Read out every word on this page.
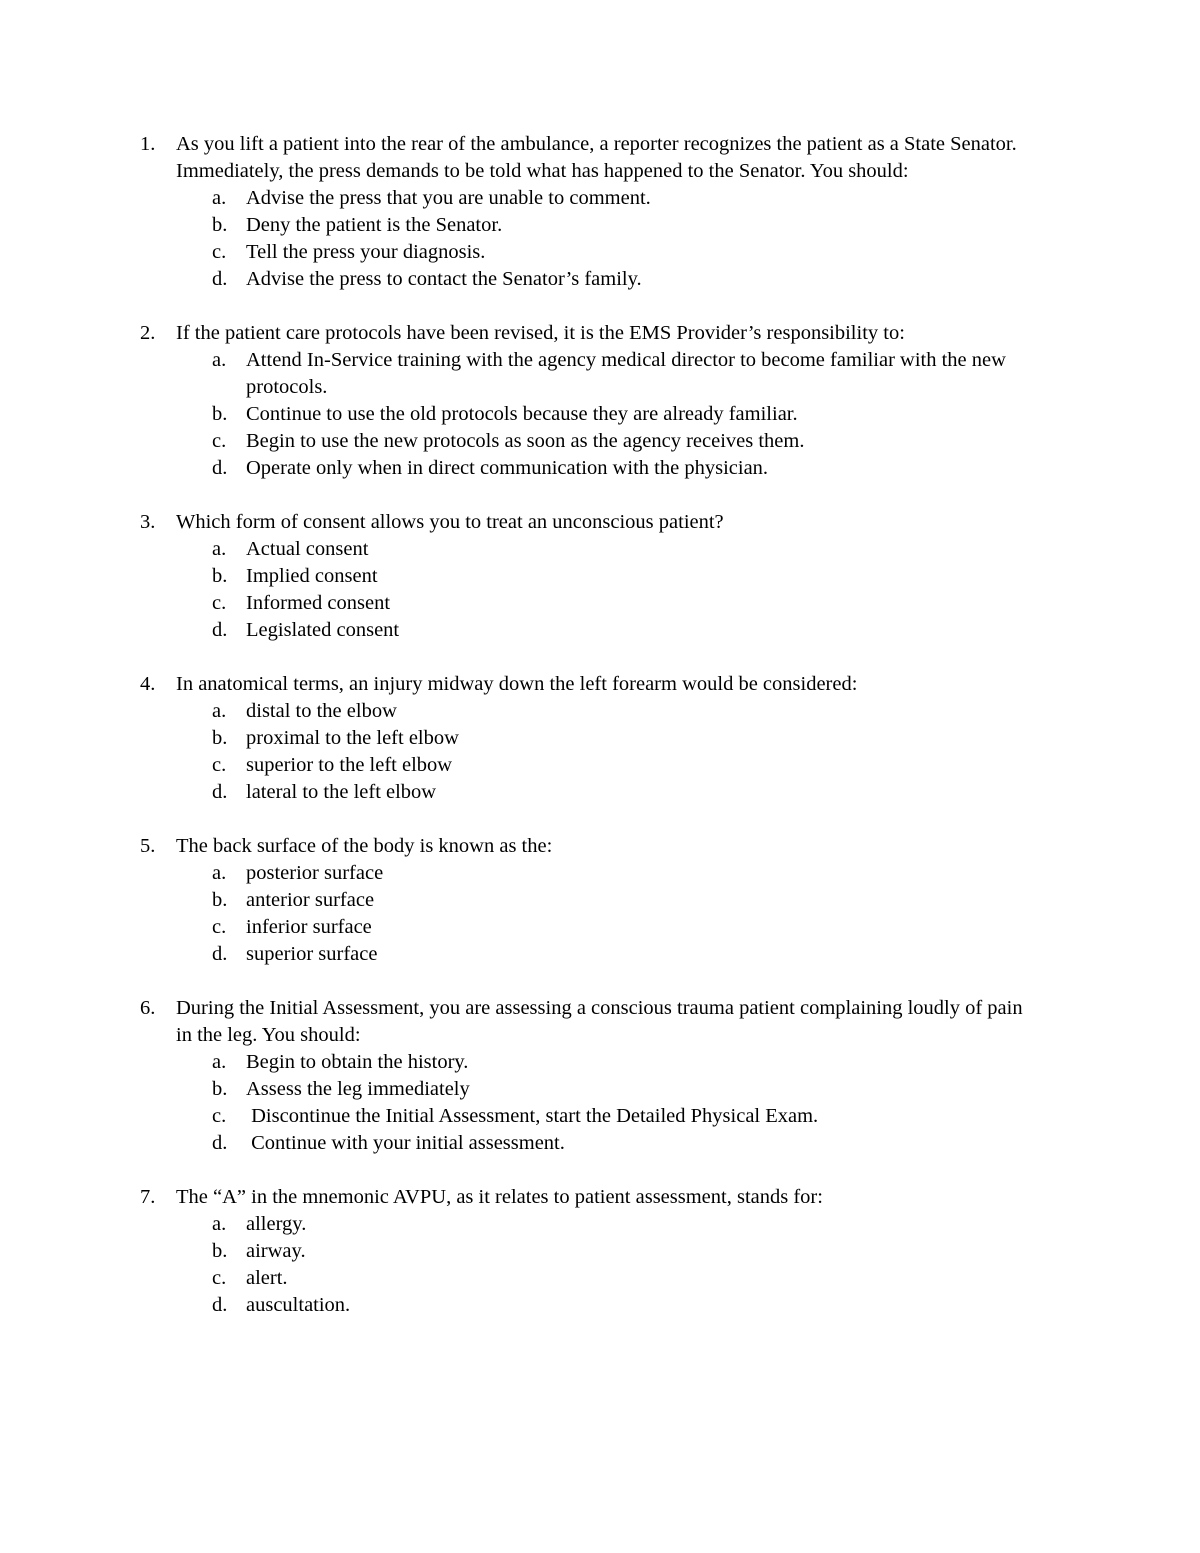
1.	As you lift a patient into the rear of the ambulance, a reporter recognizes the patient as a State Senator. Immediately, the press demands to be told what has happened to the Senator. You should:
a. Advise the press that you are unable to comment.
b. Deny the patient is the Senator.
c. Tell the press your diagnosis.
d. Advise the press to contact the Senator’s family.
2.	If the patient care protocols have been revised, it is the EMS Provider’s responsibility to:
a. Attend In-Service training with the agency medical director to become familiar with the new protocols.
b. Continue to use the old protocols because they are already familiar.
c. Begin to use the new protocols as soon as the agency receives them.
d. Operate only when in direct communication with the physician.
3.	Which form of consent allows you to treat an unconscious patient?
a. Actual consent
b. Implied consent
c. Informed consent
d. Legislated consent
4.	In anatomical terms, an injury midway down the left forearm would be considered:
a. distal to the elbow
b. proximal to the left elbow
c. superior to the left elbow
d. lateral to the left elbow
5.	The back surface of the body is known as the:
a. posterior surface
b. anterior surface
c. inferior surface
d. superior surface
6.	During the Initial Assessment, you are assessing a conscious trauma patient complaining loudly of pain in the leg. You should:
a. Begin to obtain the history.
b. Assess the leg immediately
c. Discontinue the Initial Assessment, start the Detailed Physical Exam.
d. Continue with your initial assessment.
7.	The “A” in the mnemonic AVPU, as it relates to patient assessment, stands for:
a. allergy.
b. airway.
c. alert.
d. auscultation.
